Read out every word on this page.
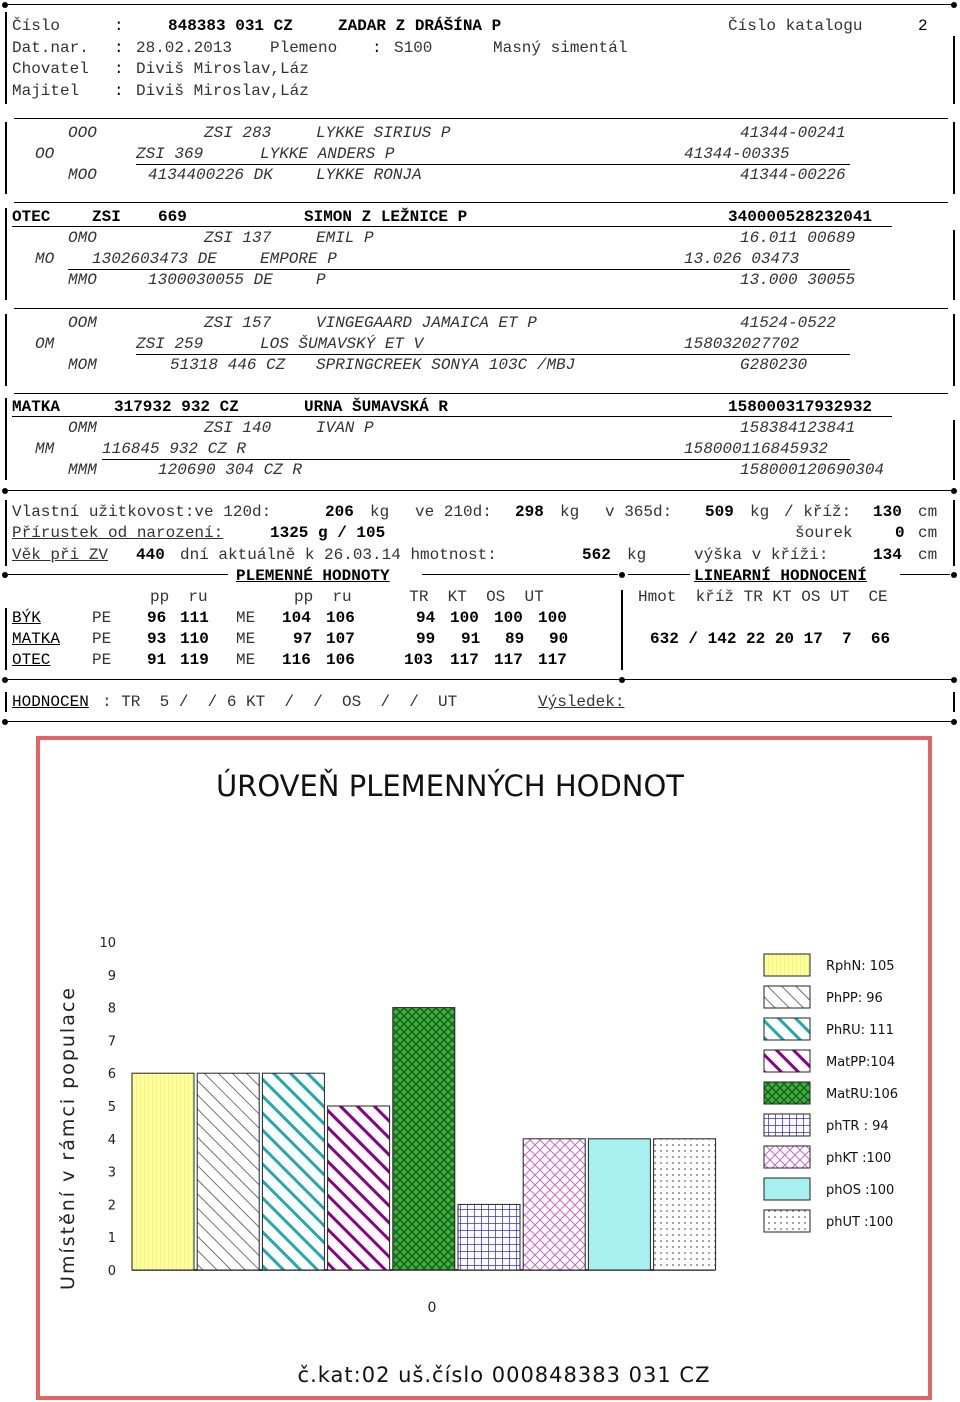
Číslo	:	848383 031 CZ	ZADAR Z DRÁŠÍNA P	Číslo katalogu	2
Dat.nar. : 28.02.2013 Plemeno : S100	Masný simentál
Chovatel : Diviš Miroslav,Láz
Majitel : Diviš Miroslav,Láz
OOO	ZSI 283	LYKKE SIRIUS P	41344-00241
OO	ZSI 369	LYKKE ANDERS P	41344-00335
MOO	4134400226 DK	LYKKE RONJA	41344-00226
OTEC	ZSI 669	SIMON Z LEŽNICE P	340000528232041
OMO	ZSI 137	EMIL P	16.011 00689
MO 1302603473 DE	EMPORE P	13.026 03473
MMO	1300030055 DE	P	13.000 30055
OOM	ZSI 157	VINGEGAARD JAMAICA ET P	41524-0522
OM	ZSI 259	LOS ŠUMAVSKÝ ET V	158032027702
MOM	51318 446 CZ SPRINGCREEK SONYA 103C /MBJ	G280230
MATKA	317932 932 CZ	URNA ŠUMAVSKÁ R	158000317932932
OMM	ZSI 140	IVAN P	158384123841
MM	116845 932 CZ R	158000116845932
MMM	120690 304 CZ R	158000120690304
Vlastní užitkovost:ve 120d:	206 kg ve 210d: 298 kg v 365d: 509 kg / kříž: 130 cm
Přírustek od narození:	1325 g / 105	šourek	0 cm
Věk při ZV 440 dní aktuálně k 26.03.14 hmotnost:	562 kg	výška v kříži:	134 cm
PLEMENNÉ HODNOTY	LINEARNÍ HODNOCENÍ
pp  ru         pp  ru      TR  KT  OS  UT	Hmot  kříž TR KT OS UT  CE
BÝK	PE 96 111 ME 104 106	94 100 100 100
MATKA PE 93 110 ME 97 107	99 91 89 90	632 / 142 22 20 17  7  66
OTEC	PE 91 119 ME 116 106	103 117 117 117
HODNOCEN : TR  5 /  / 6 KT  /  /  OS  /  /  UT	Výsledek:
ÚROVEŇ PLEMENNÝCH HODNOT
Umístění v rámci populace 0
1
2
3
4
5
6
7
8
9
10
RphN: 105
PhPP: 96
PhRU: 111
MatPP:104
MatRU:106
phTR : 94
phKT :100
phOS :100
phUT :100
0
č.kat:02 uš.číslo 000848383 031 CZ
